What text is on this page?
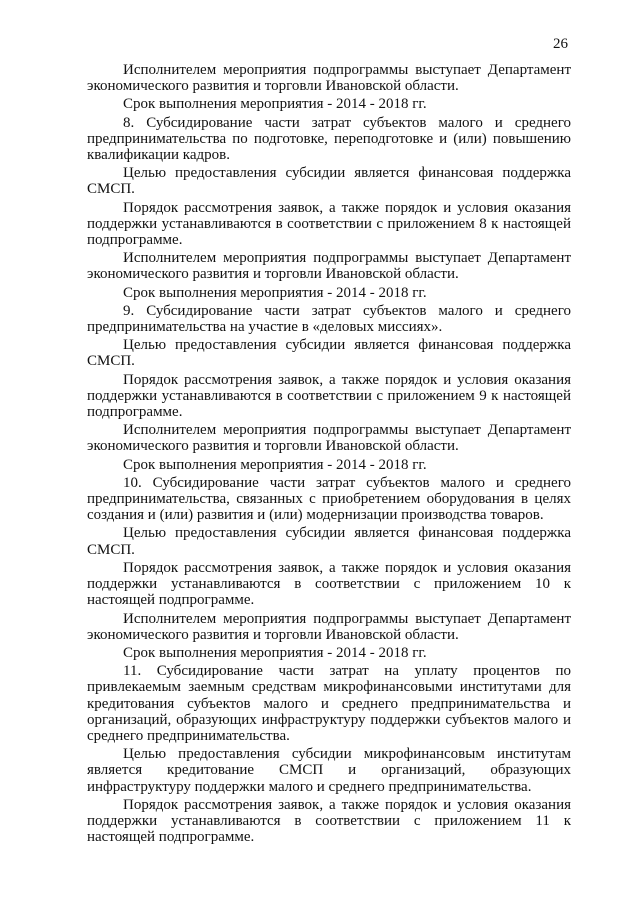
26

Исполнителем мероприятия подпрограммы выступает Департамент экономического развития и торговли Ивановской области.

Срок выполнения мероприятия - 2014 - 2018 гг.

8. Субсидирование части затрат субъектов малого и среднего предпринимательства по подготовке, переподготовке и (или) повышению квалификации кадров.

Целью предоставления субсидии является финансовая поддержка СМСП.

Порядок рассмотрения заявок, а также порядок и условия оказания поддержки устанавливаются в соответствии с приложением 8 к настоящей подпрограмме.

Исполнителем мероприятия подпрограммы выступает Департамент экономического развития и торговли Ивановской области.

Срок выполнения мероприятия - 2014 - 2018 гг.

9. Субсидирование части затрат субъектов малого и среднего предпринимательства на участие в «деловых миссиях».

Целью предоставления субсидии является финансовая поддержка СМСП.

Порядок рассмотрения заявок, а также порядок и условия оказания поддержки устанавливаются в соответствии с приложением 9 к настоящей подпрограмме.

Исполнителем мероприятия подпрограммы выступает Департамент экономического развития и торговли Ивановской области.

Срок выполнения мероприятия - 2014 - 2018 гг.

10. Субсидирование части затрат субъектов малого и среднего предпринимательства, связанных с приобретением оборудования в целях создания и (или) развития и (или) модернизации производства товаров.

Целью предоставления субсидии является финансовая поддержка СМСП.

Порядок рассмотрения заявок, а также порядок и условия оказания поддержки устанавливаются в соответствии с приложением 10 к настоящей подпрограмме.

Исполнителем мероприятия подпрограммы выступает Департамент экономического развития и торговли Ивановской области.

Срок выполнения мероприятия - 2014 - 2018 гг.

11. Субсидирование части затрат на уплату процентов по привлекаемым заемным средствам микрофинансовыми институтами для кредитования субъектов малого и среднего предпринимательства и организаций, образующих инфраструктуру поддержки субъектов малого и среднего предпринимательства.

Целью предоставления субсидии микрофинансовым институтам является кредитование СМСП и организаций, образующих инфраструктуру поддержки малого и среднего предпринимательства.

Порядок рассмотрения заявок, а также порядок и условия оказания поддержки устанавливаются в соответствии с приложением 11 к настоящей подпрограмме.
